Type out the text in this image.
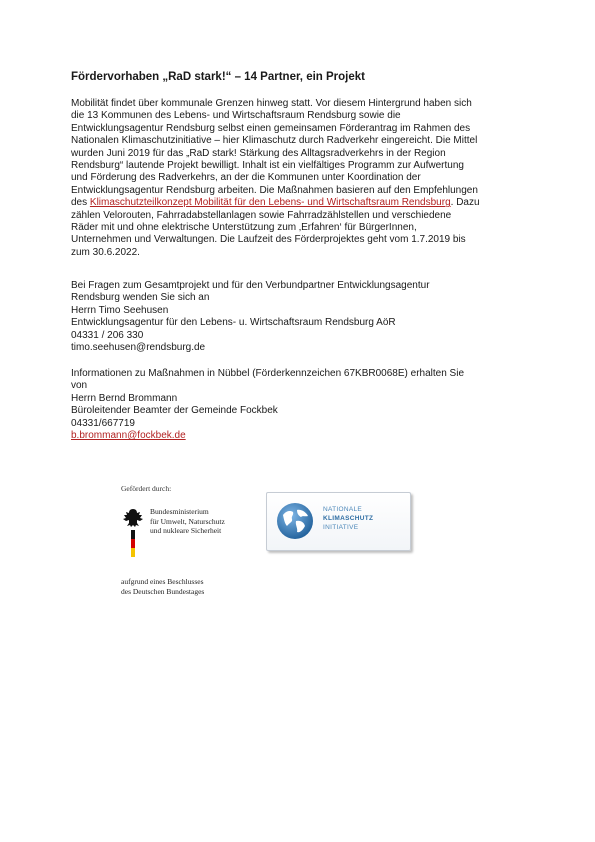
Fördervorhaben „RaD stark!“ – 14 Partner, ein Projekt
Mobilität findet über kommunale Grenzen hinweg statt. Vor diesem Hintergrund haben sich
die 13 Kommunen des Lebens- und Wirtschaftsraum Rendsburg sowie die
Entwicklungsagentur Rendsburg selbst einen gemeinsamen Förderantrag im Rahmen des
Nationalen Klimaschutzinitiative – hier Klimaschutz durch Radverkehr eingereicht. Die Mittel
wurden Juni 2019 für das „RaD stark! Stärkung des Alltagsradverkehrs in der Region
Rendsburg“ lautende Projekt bewilligt. Inhalt ist ein vielfältiges Programm zur Aufwertung
und Förderung des Radverkehrs, an der die Kommunen unter Koordination der
Entwicklungsagentur Rendsburg arbeiten. Die Maßnahmen basieren auf den Empfehlungen
des Klimaschutzteilkonzept Mobilität für den Lebens- und Wirtschaftsraum Rendsburg. Dazu
zählen Velorouten, Fahrradabstellanlagen sowie Fahrradzählstellen und verschiedene
Räder mit und ohne elektrische Unterstützung zum ‚Erfahren‘ für BürgerInnen,
Unternehmen und Verwaltungen. Die Laufzeit des Förderprojektes geht vom 1.7.2019 bis
zum 30.6.2022.
Bei Fragen zum Gesamtprojekt und für den Verbundpartner Entwicklungsagentur
Rendsburg wenden Sie sich an
Herrn Timo Seehusen
Entwicklungsagentur für den Lebens- u. Wirtschaftsraum Rendsburg AöR
04331 / 206 330
timo.seehusen@rendsburg.de
Informationen zu Maßnahmen in Nübbel (Förderkennzeichen 67KBR0068E) erhalten Sie
von
Herrn Bernd Brommann
Büroleitender Beamter der Gemeinde Fockbek
04331/667719
b.brommann@fockbek.de
Gefördert durch:
Bundesministerium
für Umwelt, Naturschutz
und nukleare Sicherheit
aufgrund eines Beschlusses
des Deutschen Bundestages
NATIONALE
KLIMASCHUTZ
INITIATIVE
